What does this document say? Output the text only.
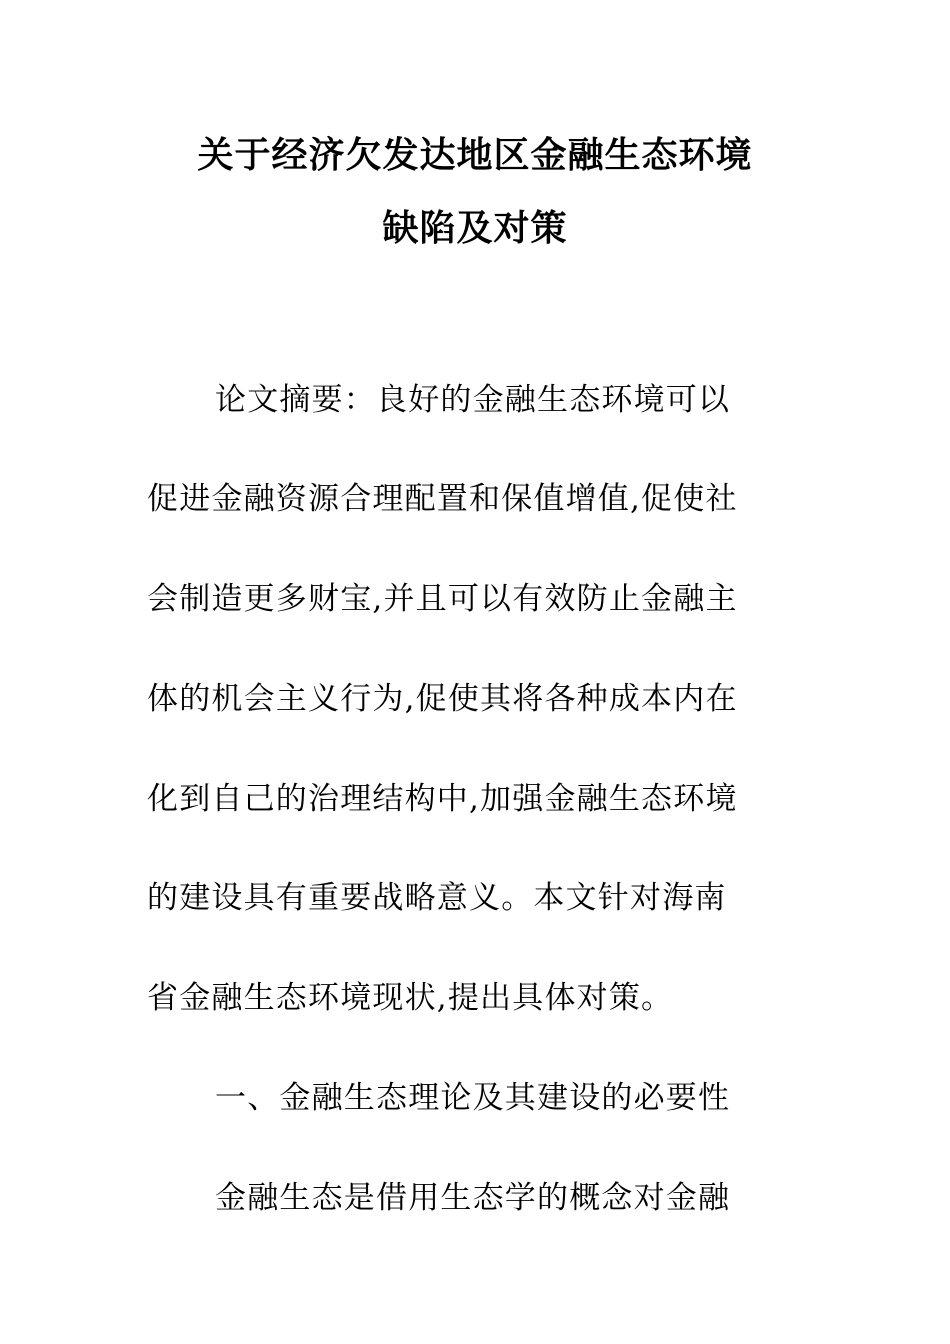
关于经济欠发达地区金融生态环境
缺陷及对策
论文摘要：良好的金融生态环境可以
促进金融资源合理配置和保值增值,促使社
会制造更多财宝,并且可以有效防止金融主
体的机会主义行为,促使其将各种成本内在
化到自己的治理结构中,加强金融生态环境
的建设具有重要战略意义。本文针对海南
省金融生态环境现状,提出具体对策。
一、金融生态理论及其建设的必要性
金融生态是借用生态学的概念对金融
